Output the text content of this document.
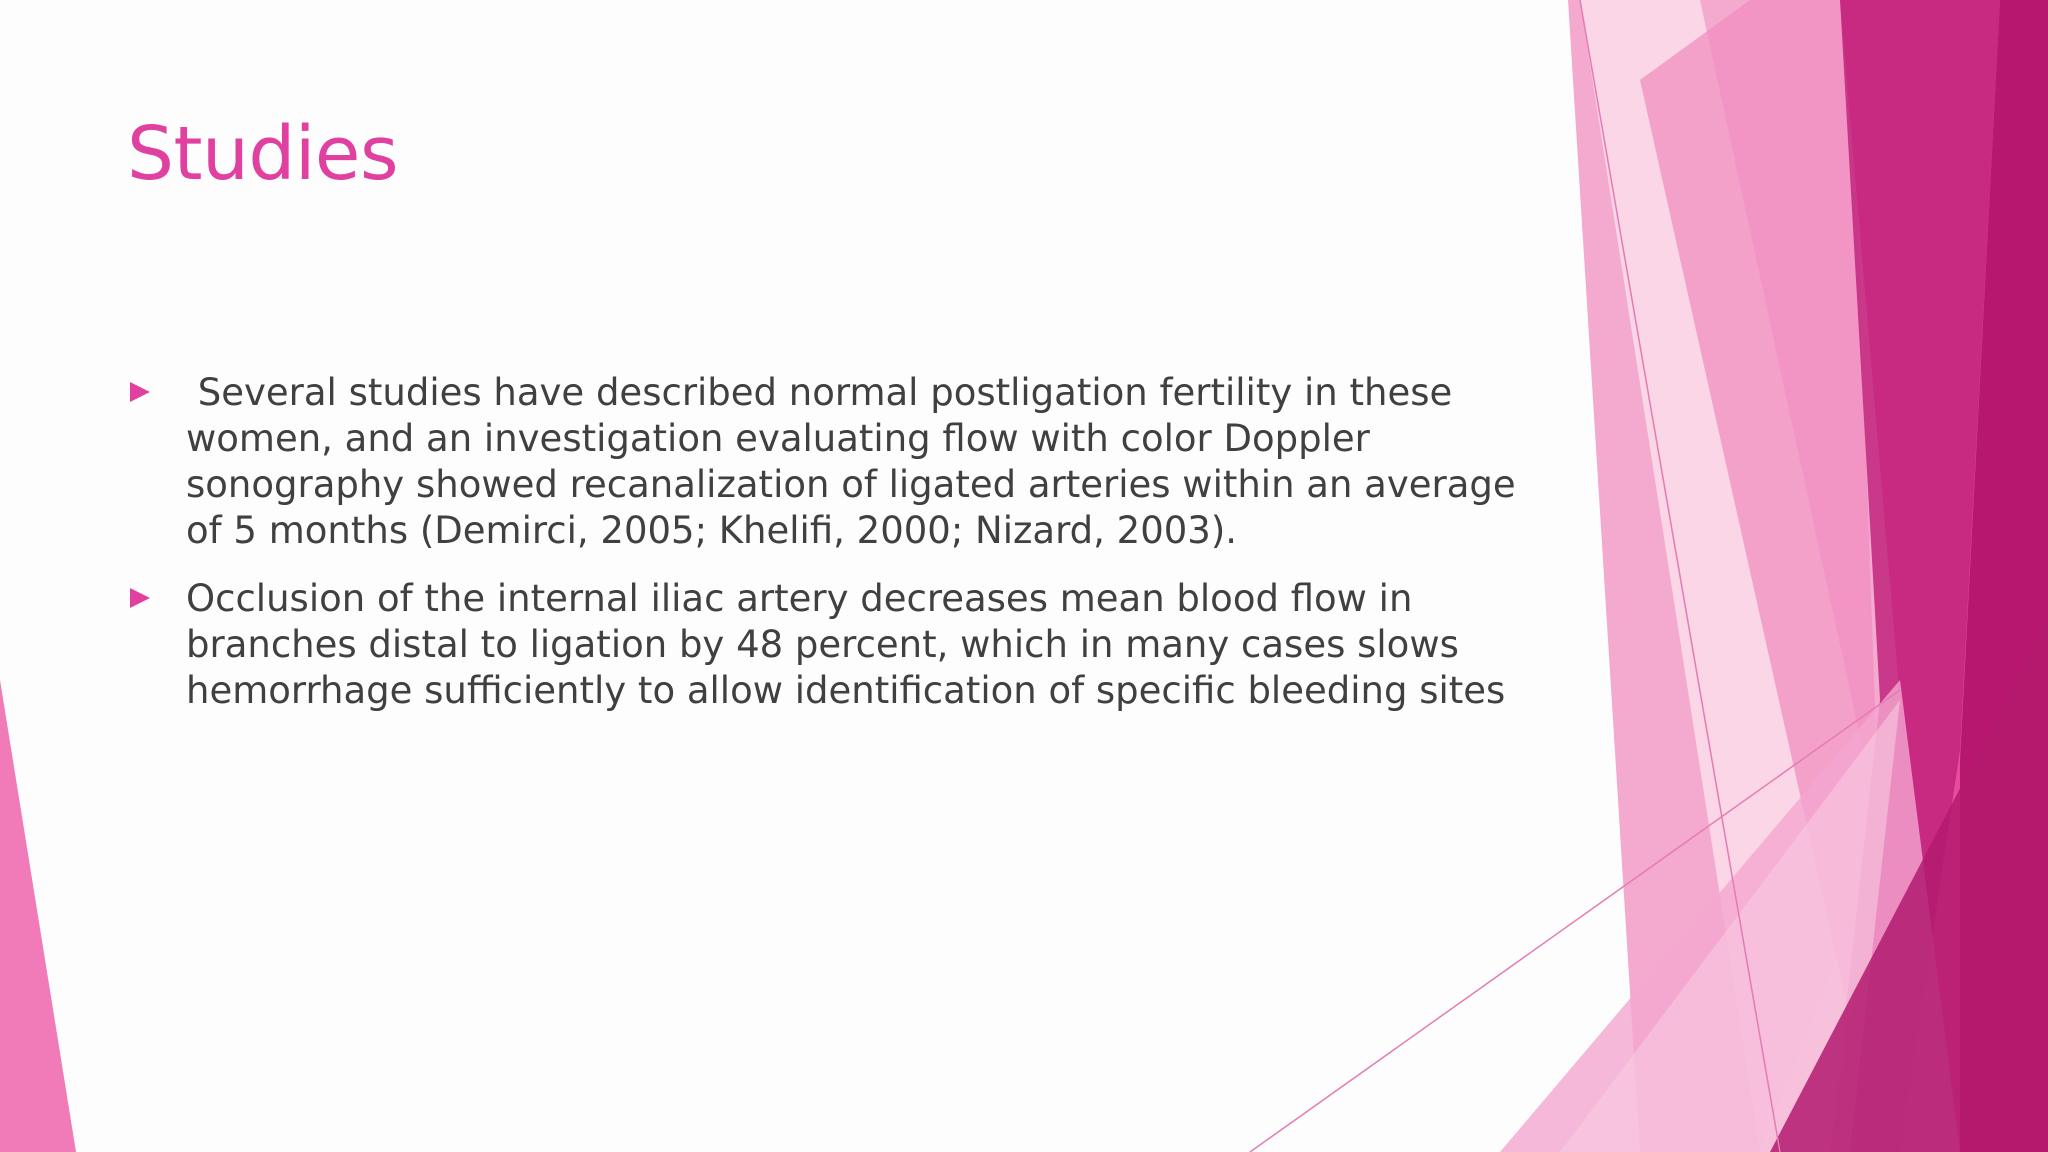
Studies
Several studies have described normal postligation fertility in these women, and an investigation evaluating flow with color Doppler sonography showed recanalization of ligated arteries within an average of 5 months (Demirci, 2005; Khelifi, 2000; Nizard, 2003).
Occlusion of the internal iliac artery decreases mean blood flow in branches distal to ligation by 48 percent, which in many cases slows hemorrhage sufficiently to allow identification of specific bleeding sites
